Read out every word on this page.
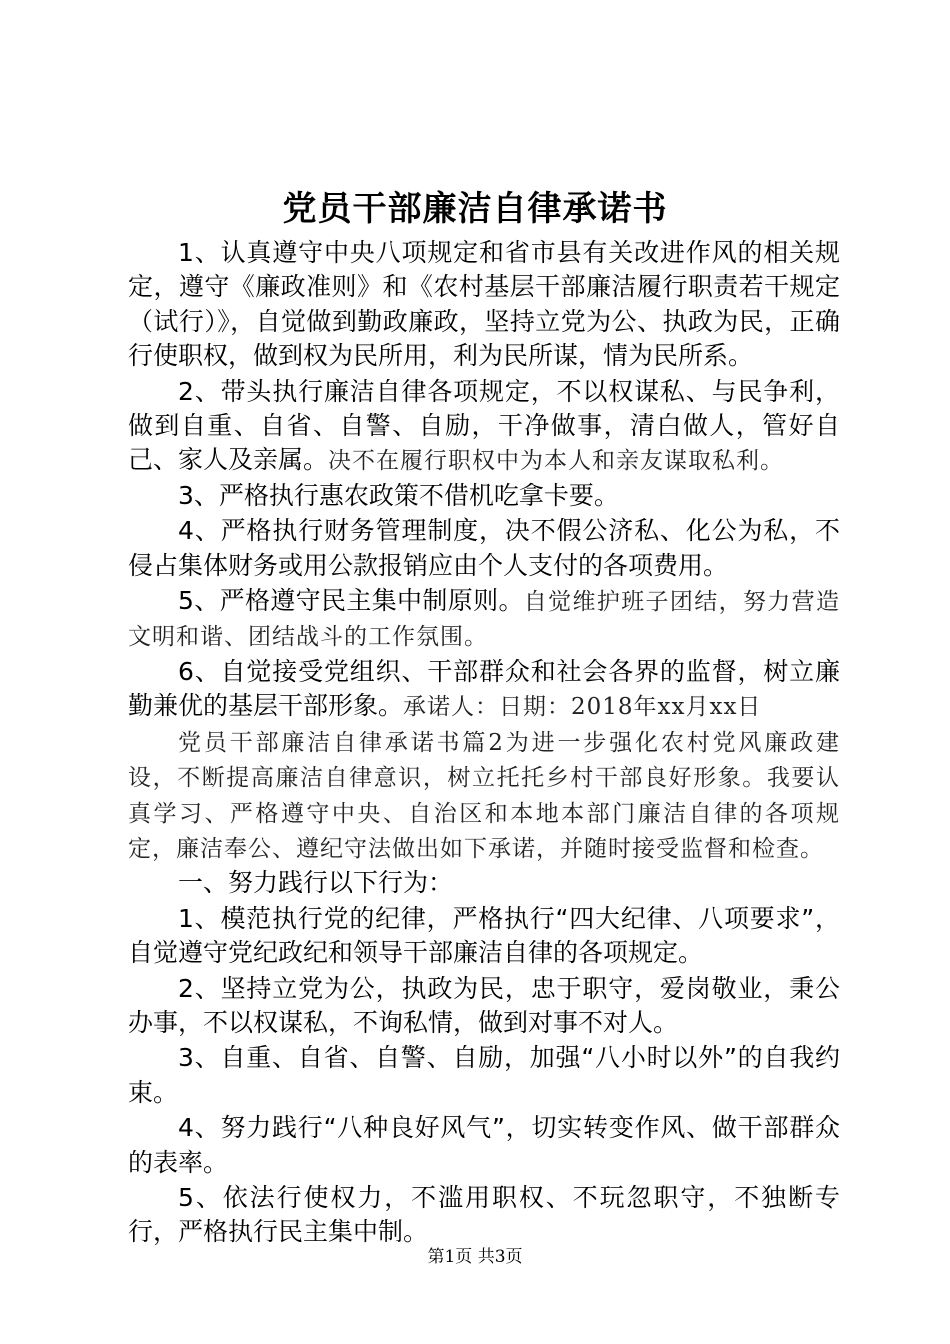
党员干部廉洁自律承诺书

1、认真遵守中央八项规定和省市县有关改进作风的相关规定，遵守《廉政准则》和《农村基层干部廉洁履行职责若干规定（试行）》，自觉做到勤政廉政，坚持立党为公、执政为民，正确行使职权，做到权为民所用，利为民所谋，情为民所系。

2、带头执行廉洁自律各项规定，不以权谋私、与民争利，做到自重、自省、自警、自励，干净做事，清白做人，管好自己、家人及亲属。决不在履行职权中为本人和亲友谋取私利。

3、严格执行惠农政策不借机吃拿卡要。

4、严格执行财务管理制度，决不假公济私、化公为私，不侵占集体财务或用公款报销应由个人支付的各项费用。

5、严格遵守民主集中制原则。自觉维护班子团结，努力营造文明和谐、团结战斗的工作氛围。

6、自觉接受党组织、干部群众和社会各界的监督，树立廉勤兼优的基层干部形象。承诺人：日期：2018年xx月xx日

党员干部廉洁自律承诺书篇2为进一步强化农村党风廉政建设，不断提高廉洁自律意识，树立托托乡村干部良好形象。我要认真学习、严格遵守中央、自治区和本地本部门廉洁自律的各项规定，廉洁奉公、遵纪守法做出如下承诺，并随时接受监督和检查。

一、努力践行以下行为：

1、模范执行党的纪律，严格执行“四大纪律、八项要求”，自觉遵守党纪政纪和领导干部廉洁自律的各项规定。

2、坚持立党为公，执政为民，忠于职守，爱岗敬业，秉公办事，不以权谋私，不询私情，做到对事不对人。

3、自重、自省、自警、自励，加强“八小时以外”的自我约束。

4、努力践行“八种良好风气”，切实转变作风、做干部群众的表率。

5、依法行使权力，不滥用职权、不玩忽职守，不独断专行，严格执行民主集中制。

第1页 共3页
